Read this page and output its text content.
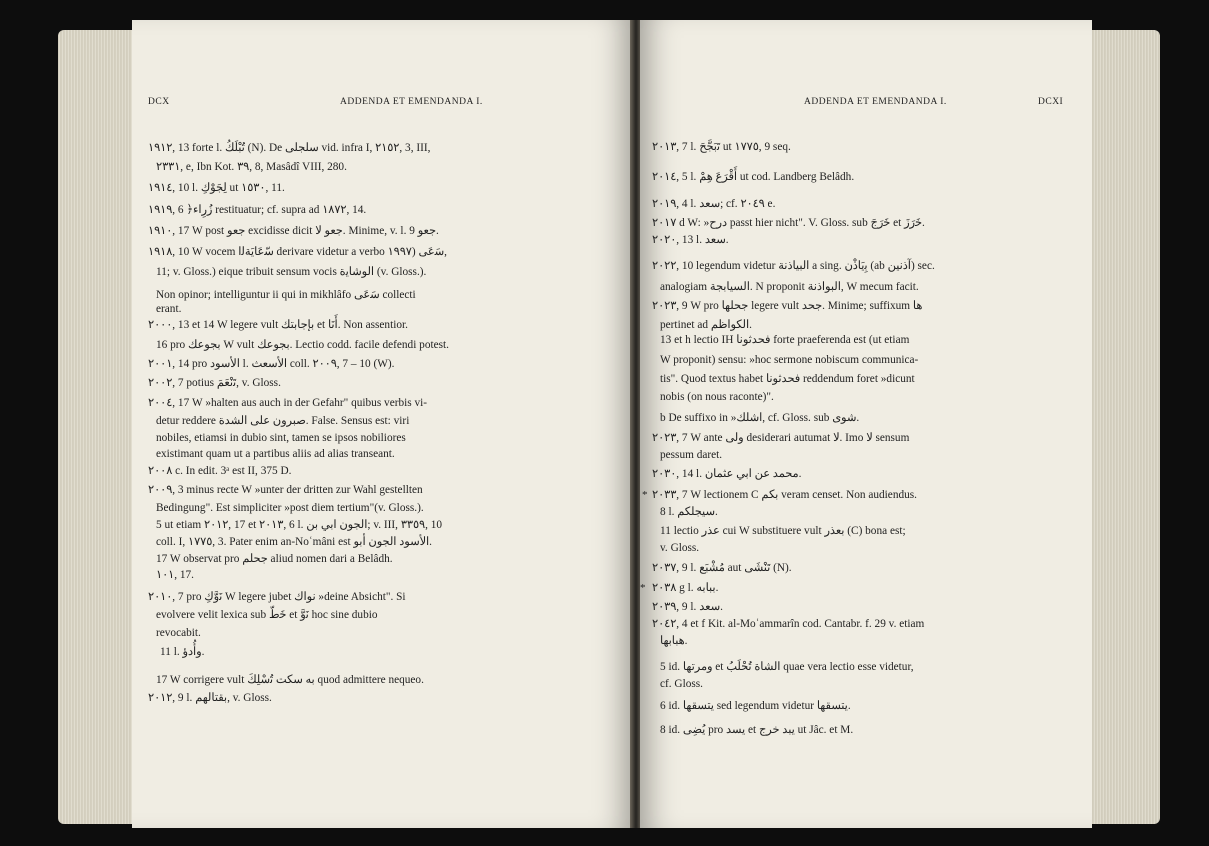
DCX	ADDENDA ET EMENDANDA I.
١٩١٢, 13 forte l. تُبْلَكُ (N). De سلجلى vid. infra I, ٢١٥٢, 3, III,
٢٣٣١, e, Ibn Kot. ٣٩, 8, Masâdî VIII, 280.
١٩١٤, 10 l. لِجَوْكِ ut ١٥٣٠, 11.
١٩١٩, 6 ﴿ﺯُرِاﺀ restituatur; cf. supra ad ١٨٧٢, 14.
١٩١٠, 17 W post جعو excidisse dicit جعو لا. Minime, v. l. 9 جعو.
١٩١٨, 10 W vocem ﺳّعَايَةﻟا derivare videtur a verbo ﺳَعَى (١٩٩٧,
11; v. Gloss.) eique tribuit sensum vocis ﺍﻟﻮﺷﺎﻳة (v. Gloss.).
Non opinor; intelliguntur ii qui in mikhlâfo ﺳَعَى collecti
erant.
٢٠٠٠, 13 et 14 W legere vult ﺑﺈﺟﺎﺑﺘﻚ et ﺃَنَا. Non assentior.
16 pro ﺑﺠﻮﻋﻚ W vult ﺑﺠﻮﻋﻚ. Lectio codd. facile defendi potest.
٢٠٠١, 14 pro ﺍﻟﺄﺳﻮﺩ l. ﺍﻟﺄﺳﻌﺚ coll. ٢٠٠٩, 7 – 10 (W).
٢٠٠٢, 7 potius ﺗَنْعَمَ, v. Gloss.
٢٠٠٤, 17 W »halten aus auch in der Gefahr" quibus verbis vi-
detur reddere ﺻﺒﺮﻭﻥ ﻋﻠﻰ ﺍﻟﺸﺪﺓ. False. Sensus est: viri
nobiles, etiamsi in dubio sint, tamen se ipsos nobiliores
existimant quam ut a partibus aliis ad alias transeant.
٢٠٠٨ c. In edit. 3ᵃ est II, 375 D.
٢٠٠٩, 3 minus recte W »unter der dritten zur Wahl gestellten
Bedingung". Est simpliciter »post diem tertium"(v. Gloss.).
5 ut etiam ٢٠١٢, 17 et ٢٠١٣, 6 l. ﺍﻟﺠﻮﻥ ﺍﺑﻲ ﺑﻦ; v. III, ٣٣٥٩, 10
coll. I, ١٧٧٥, 3. Pater enim an-Noʿmâni est ﺍﻟﺄﺳﻮﺩ ﺍﻟﺠﻮﻥ ﺃﺑﻮ.
17 W observat pro ﺟﺤﻠﻢ aliud nomen dari a Belâdh.
١٠١, 17.
٢٠١٠, 7 pro ﻧَوَّكِ W legere jubet ﻧﻮﺍﻙ »deine Absicht". Si
evolvere velit lexica sub ﺧَطّ et ﻧَوَّ hoc sine dubio
revocabit.
11 l. ﻭﺃُﺩﺅ.
17 W corrigere vult ﺑﻪ ﺳﻜﺖ ﺗُسْلِكَ quod admittere nequeo.
٢٠١٢, 9 l. ﺑﻘﺘﺎﻟﻬﻢ, v. Gloss.
ADDENDA ET EMENDANDA I.	DCXI
٢٠١٣, 7 l. ﺗَبَجَّحَ ut ١٧٧٥, 9 seq.
٢٠١٤, 5 l. ﺃَقْرَعَ ﻫِﻢْ ut cod. Landberg Belâdh.
٢٠١٩, 4 l. ﺳﻌﺪ; cf. ٢٠٤٩ e.
٢٠١٧ d W: »ﺩﺭﺡ passt hier nicht". V. Gloss. sub ﺧَرَجَ et ﺧَرَزَ.
٢٠٢٠, 13 l. ﺳﻌﺪ.
٢٠٢٢, 10 legendum videtur ﺍﻟﺒﻴﺎﺫﻧﺔ a sing. ﺑِيَاذْن (ab ﺁﺫﻧﻴﻦ) sec.
analogiam ﺍﻟﺴﻴﺎﺑﺠﺔ. N proponit ﺍﻟﺒﻮﺍﺫﻧﺔ, W mecum facit.
٢٠٢٣, 9 W pro ﺟﺤﻠﻬﺎ legere vult ﺟﺤﺪ. Minime; suffixum ﻫﺎ
pertinet ad ﺍﻟﻜﻮﺍﻇﻢ.
13 et h lectio IH ﻓﺤﺪﺛﻮﻧﺎ forte praeferenda est (ut etiam
W proponit) sensu: »hoc sermone nobiscum communica-
tis". Quod textus habet ﻓﺤﺪﺛﻮﻧﺎ reddendum foret »dicunt
nobis (on nous raconte)".
b De suffixo in »ﺍﺷﻠﻚ, cf. Gloss. sub ﺷﻮﻯ.
٢٠٢٣, 7 W ante ﻭﻟﻰ desiderari autumat ﻻ. Imo ﻻ sensum
pessum daret.
٢٠٣٠, 14 l. ﻣﺤﻤﺪ ﻋﻦ ﺍﺑﻲ ﻋﺜﻤﺎﻥ.
٢٠٣٣, 7 W lectionem C ﺑﻜﻢ veram censet. Non audiendus.
8 l. ﺳﻴﺠﻠﻜﻢ.
11 lectio ﻋﺬﺭ cui W substituere vult ﺑﻌﺬﺭ (C) bona est;
v. Gloss.
٢٠٣٧, 9 l. ﻣُﺸْﺒَﻊ aut ﺗَﻨْﺸَﻰ (N).
٢٠٣٨ g l. ﺑﺒﺎﺑﻪ.
٢٠٣٩, 9 l. ﺳﻌﺪ.
٢٠٤٢, 4 et f Kit. al-Moʿammarîn cod. Cantabr. f. 29 v. etiam
ﻫﺒﺎﺑﻬﺎ.
5 id. ﻭﻣﺮﺗﻬﺎ et ﺍﻟﺸﺎﺓ ﺗُﺤْﻠَﺐُ quae vera lectio esse videtur,
cf. Gloss.
6 id. ﻳﺘﺴﻘﻬﺎ sed legendum videtur ﻳﺘﺴﻘﻬﺎ.
8 id. ﻳُﻀِﻰ pro ﻳﺴﺪ et ﻳﺒﺪ ﺧﺮﺝ ut Jâc. et M.
*
*
